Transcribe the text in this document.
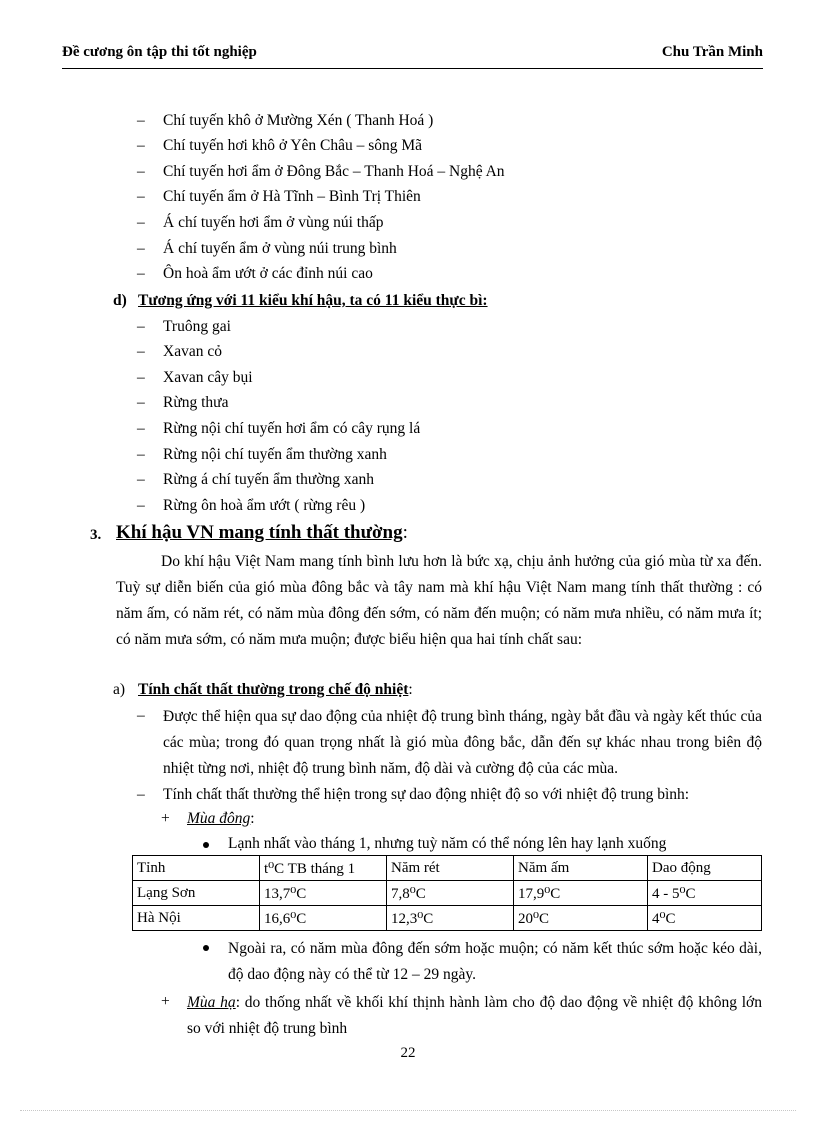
Đề cương ôn tập thi tốt nghiệp	Chu Trần Minh
– Chí tuyến khô ở Mường Xén ( Thanh Hoá )
– Chí tuyến hơi khô ở Yên Châu – sông Mã
– Chí tuyến hơi ẩm ở Đông Bắc – Thanh Hoá – Nghệ An
– Chí tuyến ẩm ở Hà Tĩnh – Bình Trị Thiên
– Á chí tuyến hơi ẩm ở vùng núi thấp
– Á chí tuyến ẩm ở vùng núi trung bình
– Ôn hoà ẩm ướt ở các đỉnh núi cao
d) Tương ứng với 11 kiểu khí hậu, ta có 11 kiểu thực bì:
– Truông gai
– Xavan cỏ
– Xavan cây bụi
– Rừng thưa
– Rừng nội chí tuyến hơi ẩm có cây rụng lá
– Rừng nội chí tuyến ẩm thường xanh
– Rừng á chí tuyến ẩm thường xanh
– Rừng ôn hoà ẩm ướt ( rừng rêu )
3. Khí hậu VN mang tính thất thường:
Do khí hậu Việt Nam mang tính bình lưu hơn là bức xạ, chịu ảnh hưởng của gió mùa từ xa đến. Tuỳ sự diễn biến của gió mùa đông bắc và tây nam mà khí hậu Việt Nam mang tính thất thường : có năm ấm, có năm rét, có năm mùa đông đến sớm, có năm đến muộn; có năm mưa nhiều, có năm mưa ít; có năm mưa sớm, có năm mưa muộn; được biểu hiện qua hai tính chất sau:
a) Tính chất thất thường trong chế độ nhiệt:
– Được thể hiện qua sự dao động của nhiệt độ trung bình tháng, ngày bắt đầu và ngày kết thúc của các mùa; trong đó quan trọng nhất là gió mùa đông bắc, dẫn đến sự khác nhau trong biên độ nhiệt từng nơi, nhiệt độ trung bình năm, độ dài và cường độ của các mùa.
– Tính chất thất thường thể hiện trong sự dao động nhiệt độ so với nhiệt độ trung bình:
+ Mùa đông:
Lạnh nhất vào tháng 1, nhưng tuỳ năm có thể nóng lên hay lạnh xuống
Tỉnh	t⁰C TB tháng 1	Năm rét	Năm ấm	Dao động
Lạng Sơn	13,7⁰C	7,8⁰C	17,9⁰C	4 - 5⁰C
Hà Nội	16,6⁰C	12,3⁰C	20⁰C	4⁰C
Ngoài ra, có năm mùa đông đến sớm hoặc muộn; có năm kết thúc sớm hoặc kéo dài, độ dao động này có thể từ 12 – 29 ngày.
+ Mùa hạ: do thống nhất về khối khí thịnh hành làm cho độ dao động về nhiệt độ không lớn so với nhiệt độ trung bình
22
